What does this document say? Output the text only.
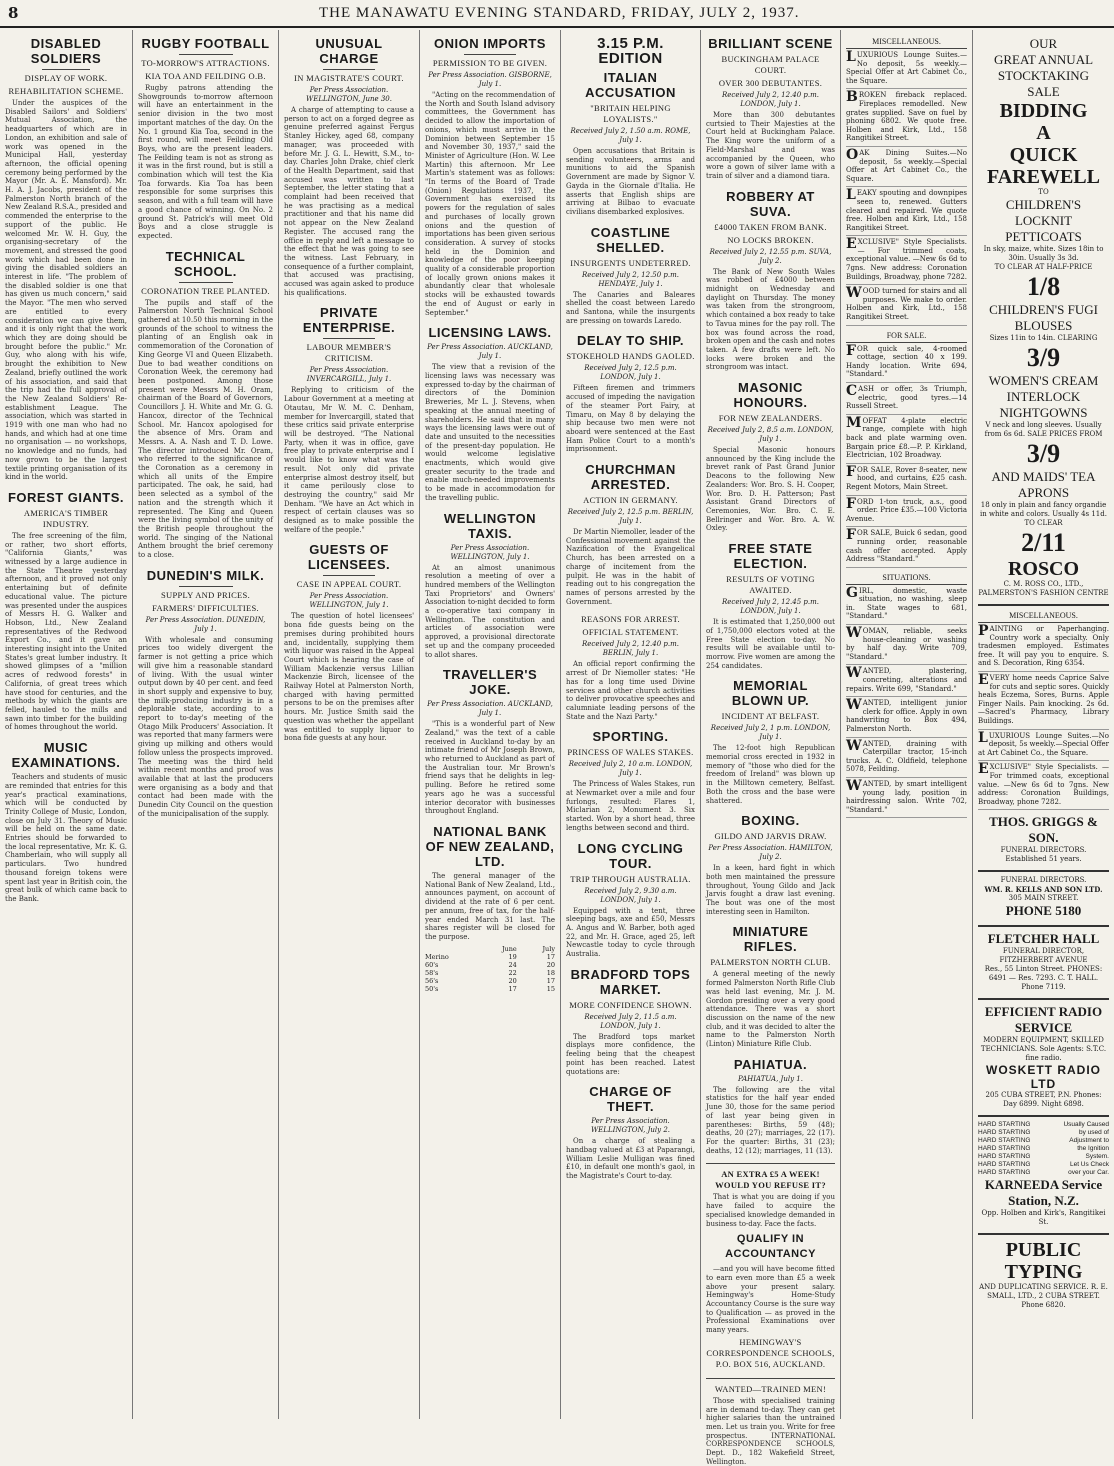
8	THE MANAWATU EVENING STANDARD, FRIDAY, JULY 2, 1937.
DISABLED SOLDIERS
DISPLAY OF WORK.
REHABILITATION SCHEME.
Under the auspices of the Disabled Sailors' and Soldiers' Mutual Association, the headquarters of which are in London, an exhibition and sale of work was opened in the Municipal Hall, yesterday afternoon, the official opening ceremony being performed by the Mayor (Mr. A. E. Mansford). Mr. H. A. J. Jacobs, president of the Palmerston North branch of the New Zealand R.S.A., presided and commended the enterprise to the support of the public. He welcomed Mr. W. H. Guy, the organising-secretary of the movement, and stressed the good work which had been done in giving the disabled soldiers an interest in life. "The problem of the disabled soldier is one that has given us much concern," said the Mayor. "The men who served are entitled to every consideration we can give them, and it is only right that the work which they are doing should be brought before the public." Mr. Guy, who along with his wife, brought the exhibition to New Zealand, briefly outlined the work of his association, and said that the trip had the full approval of the New Zealand Soldiers' Re-establishment League. The association, which was started in 1919 with one man who had no hands, and which had at one time no organisation — no workshops, no knowledge and no funds, had now grown to be the largest textile printing organisation of its kind in the world.
FOREST GIANTS.
AMERICA'S TIMBER INDUSTRY.
The free screening of the film, or rather, two short efforts, "California Giants," was witnessed by a large audience in the State Theatre yesterday afternoon, and it proved not only entertaining but of definite educational value. The picture was presented under the auspices of Messrs H. G. Walker and Hobson, Ltd., New Zealand representatives of the Redwood Export Co., and it gave an interesting insight into the United States's great lumber industry. It showed glimpses of a "million acres of redwood forests" in California, of great trees which have stood for centuries, and the methods by which the giants are felled, hauled to the mills and sawn into timber for the building of homes throughout the world.
MUSIC EXAMINATIONS.
Teachers and students of music are reminded that entries for this year's practical examinations, which will be conducted by Trinity College of Music, London, close on July 31. Theory of Music will be held on the same date. Entries should be forwarded to the local representative, Mr. K. G. Chamberlain, who will supply all particulars. Two hundred thousand foreign tokens were spent last year in British coin, the great bulk of which came back to the Bank.
RUGBY FOOTBALL
TO-MORROW'S ATTRACTIONS.
KIA TOA AND FEILDING O.B.
Rugby patrons attending the Showgrounds to-morrow afternoon will have an entertainment in the senior division in the two most important matches of the day. On the No. 1 ground Kia Toa, second in the first round, will meet Feilding Old Boys, who are the present leaders. The Feilding team is not as strong as it was in the first round, but is still a combination which will test the Kia Toa forwards. Kia Toa has been responsible for some surprises this season, and with a full team will have a good chance of winning. On No. 2 ground St. Patrick's will meet Old Boys and a close struggle is expected.
TECHNICAL SCHOOL.
CORONATION TREE PLANTED.
The pupils and staff of the Palmerston North Technical School gathered at 10.50 this morning in the grounds of the school to witness the planting of an English oak in commemoration of the Coronation of King George VI and Queen Elizabeth. Due to bad weather conditions on Coronation Week, the ceremony had been postponed. Among those present were Messrs M. H. Oram, chairman of the Board of Governors, Councillors J. H. White and Mr. G. G. Hancox, director of the Technical School. Mr. Hancox apologised for the absence of Mrs. Oram and Messrs. A. A. Nash and T. D. Lowe. The director introduced Mr. Oram, who referred to the significance of the Coronation as a ceremony in which all units of the Empire participated. The oak, he said, had been selected as a symbol of the nation and the strength which it represented. The King and Queen were the living symbol of the unity of the British people throughout the world. The singing of the National Anthem brought the brief ceremony to a close.
DUNEDIN'S MILK.
SUPPLY AND PRICES.
FARMERS' DIFFICULTIES.
Per Press Association. DUNEDIN, July 1.
With wholesale and consuming prices too widely divergent the farmer is not getting a price which will give him a reasonable standard of living. With the usual winter output down by 40 per cent. and feed in short supply and expensive to buy, the milk-producing industry is in a deplorable state, according to a report to to-day's meeting of the Otago Milk Producers' Association. It was reported that many farmers were giving up milking and others would follow unless the prospects improved. The meeting was the third held within recent months and proof was available that at last the producers were organising as a body and that contact had been made with the Dunedin City Council on the question of the municipalisation of the supply.
UNUSUAL CHARGE
IN MAGISTRATE'S COURT.
Per Press Association. WELLINGTON, June 30.
A charge of attempting to cause a person to act on a forged degree as genuine preferred against Fergus Stanley Hickey, aged 68, company manager, was proceeded with before Mr. J. G. L. Hewitt, S.M., to-day. Charles John Drake, chief clerk of the Health Department, said that accused was written to last September, the letter stating that a complaint had been received that he was practising as a medical practitioner and that his name did not appear on the New Zealand Register. The accused rang the office in reply and left a message to the effect that he was going to see the witness. Last February, in consequence of a further complaint, that accused was practising, accused was again asked to produce his qualifications.
PRIVATE ENTERPRISE.
LABOUR MEMBER'S CRITICISM.
Per Press Association. INVERCARGILL, July 1.
Replying to criticism of the Labour Government at a meeting at Otautau, Mr W. M. C. Denham, member for Invercargill, stated that these critics said private enterprise will be destroyed. "The National Party, when it was in office, gave free play to private enterprise and I would like to know what was the result. Not only did private enterprise almost destroy itself, but it came perilously close to destroying the country," said Mr Denham. "We have an Act which in respect of certain clauses was so designed as to make possible the welfare of the people."
GUESTS OF LICENSEES.
CASE IN APPEAL COURT.
Per Press Association. WELLINGTON, July 1.
The question of hotel licensees' bona fide guests being on the premises during prohibited hours and, incidentally, supplying them with liquor was raised in the Appeal Court which is hearing the case of William Mackenzie versus Lillian Mackenzie Birch, licensee of the Railway Hotel at Palmerston North, charged with having permitted persons to be on the premises after hours. Mr. Justice Smith said the question was whether the appellant was entitled to supply liquor to bona fide guests at any hour.
ONION IMPORTS
PERMISSION TO BE GIVEN.
Per Press Association. GISBORNE, July 1.
"Acting on the recommendation of the North and South Island advisory committees, the Government has decided to allow the importation of onions, which must arrive in the Dominion between September 15 and November 30, 1937," said the Minister of Agriculture (Hon. W. Lee Martin) this afternoon. Mr Lee Martin's statement was as follows: "In terms of the Board of Trade (Onion) Regulations 1937, the Government has exercised its powers for the regulation of sales and purchases of locally grown onions and the question of importations has been given serious consideration. A survey of stocks held in the Dominion and knowledge of the poor keeping quality of a considerable proportion of locally grown onions makes it abundantly clear that wholesale stocks will be exhausted towards the end of August or early in September."
LICENSING LAWS.
Per Press Association. AUCKLAND, July 1.
The view that a revision of the licensing laws was necessary was expressed to-day by the chairman of directors of the Dominion Breweries, Mr L. J. Stevens, when speaking at the annual meeting of shareholders. He said that in many ways the licensing laws were out of date and unsuited to the necessities of the present-day population. He would welcome legislative enactments, which would give greater security to the trade and enable much-needed improvements to be made in accommodation for the travelling public.
WELLINGTON TAXIS.
Per Press Association. WELLINGTON, July 1.
At an almost unanimous resolution a meeting of over a hundred members of the Wellington Taxi Proprietors' and Owners' Association to-night decided to form a co-operative taxi company in Wellington. The constitution and articles of association were approved, a provisional directorate set up and the company proceeded to allot shares.
TRAVELLER'S JOKE.
Per Press Association. AUCKLAND, July 1.
"This is a wonderful part of New Zealand," was the text of a cable received in Auckland to-day by an intimate friend of Mr Joseph Brown, who returned to Auckland as part of the Australian tour. Mr Brown's friend says that he delights in leg-pulling. Before he retired some years ago he was a successful interior decorator with businesses throughout England.
NATIONAL BANK OF NEW ZEALAND, LTD.
The general manager of the National Bank of New Zealand, Ltd., announces payment, on account of dividend at the rate of 6 per cent. per annum, free of tax, for the half-year ended March 31 last. The shares register will be closed for the purpose.
June	July
Merino	19	17
60's	24	20
58's	22	18
56's	20	17
50's	17	15
3.15 P.M. EDITION
ITALIAN ACCUSATION
"BRITAIN HELPING LOYALISTS."
Received July 2, 1.50 a.m. ROME, July 1.
Open accusations that Britain is sending volunteers, arms and munitions to aid the Spanish Government are made by Signor V. Gayda in the Giornale d'Italia. He asserts that English ships are arriving at Bilbao to evacuate civilians disembarked explosives.
COASTLINE SHELLED.
INSURGENTS UNDETERRED.
Received July 2, 12.50 p.m. HENDAYE, July 1.
The Canaries and Baleares shelled the coast between Laredo and Santona, while the insurgents are pressing on towards Laredo.
DELAY TO SHIP.
STOKEHOLD HANDS GAOLED.
Received July 2, 12.5 p.m. LONDON, July 1.
Fifteen firemen and trimmers accused of impeding the navigation of the steamer Port Fairy, at Timaru, on May 8 by delaying the ship because two men were not aboard were sentenced at the East Ham Police Court to a month's imprisonment.
CHURCHMAN ARRESTED.
ACTION IN GERMANY.
Received July 2, 12.5 p.m. BERLIN, July 1.
Dr Martin Niemoller, leader of the Confessional movement against the Nazification of the Evangelical Church, has been arrested on a charge of incitement from the pulpit. He was in the habit of reading out to his congregation the names of persons arrested by the Government.
REASONS FOR ARREST.
OFFICIAL STATEMENT.
Received July 2, 12.40 p.m. BERLIN, July 1.
An official report confirming the arrest of Dr Niemoller states: "He has for a long time used Divine services and other church activities to deliver provocative speeches and calumniate leading persons of the State and the Nazi Party."
SPORTING.
PRINCESS OF WALES STAKES.
Received July 2, 10 a.m. LONDON, July 1.
The Princess of Wales Stakes, run at Newmarket over a mile and four furlongs, resulted: Flares 1, Miclarian 2, Monument 3. Six started. Won by a short head, three lengths between second and third.
LONG CYCLING TOUR.
TRIP THROUGH AUSTRALIA.
Received July 2, 9.30 a.m. LONDON, July 1.
Equipped with a tent, three sleeping bags, axe and £50, Messrs A. Angus and W. Barber, both aged 22, and Mr. H. Grace, aged 25, left Newcastle today to cycle through Australia.
BRADFORD TOPS MARKET.
MORE CONFIDENCE SHOWN.
Received July 2, 11.5 a.m. LONDON, July 1.
The Bradford tops market displays more confidence, the feeling being that the cheapest point has been reached. Latest quotations are:
CHARGE OF THEFT.
Per Press Association. WELLINGTON, July 2.
On a charge of stealing a handbag valued at £3 at Paparangi, William Leslie Mulligan was fined £10, in default one month's gaol, in the Magistrate's Court to-day.
BRILLIANT SCENE
BUCKINGHAM PALACE COURT.
OVER 300 DEBUTANTES.
Received July 2, 12.40 p.m. LONDON, July 1.
More than 300 debutantes curtsied to Their Majesties at the Court held at Buckingham Palace. The King wore the uniform of a Field-Marshal and was accompanied by the Queen, who wore a gown of silver lame with a train of silver and a diamond tiara.
ROBBERY AT SUVA.
£4000 TAKEN FROM BANK.
NO LOCKS BROKEN.
Received July 2, 12.55 p.m. SUVA, July 2.
The Bank of New South Wales was robbed of £4000 between midnight on Wednesday and daylight on Thursday. The money was taken from the strongroom, which contained a box ready to take to Tavua mines for the pay roll. The box was found across the road, broken open and the cash and notes taken. A few drafts were left. No locks were broken and the strongroom was intact.
MASONIC HONOURS.
FOR NEW ZEALANDERS.
Received July 2, 8.5 a.m. LONDON, July 1.
Special Masonic honours announced by the King include the brevet rank of Past Grand Junior Deacons to the following New Zealanders: Wor. Bro. S. H. Cooper, Wor. Bro. D. H. Patterson; Past Assistant Grand Directors of Ceremonies, Wor. Bro. C. E. Bellringer and Wor. Bro. A. W. Oxley.
FREE STATE ELECTION.
RESULTS OF VOTING AWAITED.
Received July 2, 12.45 p.m. LONDON, July 1.
It is estimated that 1,250,000 out of 1,750,000 electors voted at the Free State election to-day. No results will be available until to-morrow. Five women are among the 254 candidates.
MEMORIAL BLOWN UP.
INCIDENT AT BELFAST.
Received July 2, 1 p.m. LONDON, July 1.
The 12-foot high Republican memorial cross erected in 1932 in memory of "those who died for the freedom of Ireland" was blown up in the Milltown cemetery, Belfast. Both the cross and the base were shattered.
BOXING.
GILDO AND JARVIS DRAW.
Per Press Association. HAMILTON, July 2.
In a keen, hard fight in which both men maintained the pressure throughout, Young Gildo and Jack Jarvis fought a draw last evening. The bout was one of the most interesting seen in Hamilton.
MINIATURE RIFLES.
PALMERSTON NORTH CLUB.
A general meeting of the newly formed Palmerston North Rifle Club was held last evening, Mr. J. M. Gordon presiding over a very good attendance. There was a short discussion on the name of the new club, and it was decided to alter the name to the Palmerston North (Linton) Miniature Rifle Club.
PAHIATUA.
PAHIATUA, July 1.
The following are the vital statistics for the half year ended June 30, those for the same period of last year being given in parentheses: Births, 59 (48); deaths, 20 (27); marriages, 22 (17). For the quarter: Births, 31 (23); deaths, 12 (12); marriages, 11 (13).
AN EXTRA £5 A WEEK! WOULD YOU REFUSE IT?
That is what you are doing if you have failed to acquire the specialised knowledge demanded in business to-day. Face the facts.
QUALIFY IN ACCOUNTANCY
—and you will have become fitted to earn even more than £5 a week above your present salary. Hemingway's Home-Study Accountancy Course is the sure way to Qualification — as proved in the Professional Examinations over many years.
HEMINGWAY'S CORRESPONDENCE SCHOOLS, P.O. BOX 516, AUCKLAND.
WANTED—TRAINED MEN!
Those with specialised training are in demand to-day. They can get higher salaries than the untrained men. Let us train you. Write for free prospectus. INTERNATIONAL CORRESPONDENCE SCHOOLS, Dept. D., 182 Wakefield Street, Wellington.
MISCELLANEOUS.
LUXURIOUS Lounge Suites.—No deposit, 5s weekly.—Special Offer at Art Cabinet Co., the Square.
BROKEN fireback replaced. Fireplaces remodelled. New grates supplied. Save on fuel by phoning 6802. We quote free. Holben and Kirk, Ltd., 158 Rangitikei Street.
OAK Dining Suites.—No deposit, 5s weekly.—Special Offer at Art Cabinet Co., the Square.
LEAKY spouting and downpipes seen to, renewed. Gutters cleared and repaired. We quote free. Holben and Kirk, Ltd., 158 Rangitikei Street.
EXCLUSIVE" Style Specialists. — For trimmed coats, exceptional value. —New 6s 6d to 7gns. New address: Coronation Buildings, Broadway, phone 7282.
WOOD turned for stairs and all purposes. We make to order. Holben and Kirk, Ltd., 158 Rangitikei Street.
FOR SALE.
FOR quick sale, 4-roomed cottage, section 40 x 199. Handy location. Write 694, "Standard."
CASH or offer, 3s Triumph, electric, good tyres.—14 Russell Street.
MOFFAT 4-plate electric range, complete with high back and plate warming oven. Bargain price £8.—P. P. Kirkland, Electrician, 102 Broadway.
FOR SALE, Rover 8-seater, new hood, and curtains, £25 cash. Regent Motors, Main Street.
FORD 1-ton truck, a.s., good order. Price £35.—100 Victoria Avenue.
FOR SALE, Buick 6 sedan, good running order, reasonable cash offer accepted. Apply Address "Standard."
SITUATIONS.
GIRL, domestic, waste situation, no washing, sleep in. State wages to 681, "Standard."
WOMAN, reliable, seeks house-cleaning or washing by half day. Write 709, "Standard."
WANTED, plastering, concreting, alterations and repairs. Write 699, "Standard."
WANTED, intelligent junior clerk for office. Apply in own handwriting to Box 494, Palmerston North.
WANTED, draining with Caterpillar tractor, 15-inch trucks. A. C. Oldfield, telephone 5078, Feilding.
WANTED, by smart intelligent young lady, position in hairdressing salon. Write 702, "Standard."
OUR
GREAT ANNUAL
STOCKTAKING
SALE
BIDDING
A
QUICK
FAREWELL
TO
CHILDREN'S LOCKNIT PETTICOATS
In sky, maize, white. Sizes 18in to 30in. Usually 3s 3d.
TO CLEAR AT HALF-PRICE
1/8
CHILDREN'S FUGI BLOUSES
Sizes 11in to 14in. CLEARING
3/9
WOMEN'S CREAM INTERLOCK NIGHTGOWNS
V neck and long sleeves. Usually from 6s 6d. SALE PRICES FROM
3/9
AND MAIDS' TEA APRONS
18 only in plain and fancy organdie in white and colors. Usually 4s 11d. TO CLEAR
2/11
ROSCO
C. M. ROSS CO., LTD.,
PALMERSTON'S FASHION CENTRE
MISCELLANEOUS.
PAINTING or Paperhanging. Country work a specialty. Only tradesmen employed. Estimates free. It will pay you to enquire. S. and S. Decoration, Ring 6354.
EVERY home needs Caprice Salve for cuts and septic sores. Quickly heals Eczema, Sores, Burns. Apple Finger Nails. Pain knocking. 2s 6d.—Sacred's Pharmacy, Library Buildings.
LUXURIOUS Lounge Suites.—No deposit, 5s weekly.—Special Offer at Art Cabinet Co., the Square.
EXCLUSIVE" Style Specialists. — For trimmed coats, exceptional value. —New 6s 6d to 7gns. New address: Coronation Buildings, Broadway, phone 7282.
THOS. GRIGGS & SON.
FUNERAL DIRECTORS.
Established 51 years.
FUNERAL DIRECTORS.
WM. R. KELLS AND SON LTD.
305 MAIN STREET.
PHONE 5180
FLETCHER HALL
FUNERAL DIRECTOR, FITZHERBERT AVENUE
Res., 55 Linton Street. PHONES: 6491 — Res. 7293. C. T. HALL. Phone 7119.
EFFICIENT RADIO SERVICE
MODERN EQUIPMENT, SKILLED TECHNICIANS. Sole Agents: S.T.C. fine radio.
WOSKETT RADIO LTD
205 CUBA STREET, P.N. Phones: Day 6899. Night 6898.
HARD STARTING	Usually Caused
HARD STARTING	by used of
HARD STARTING	Adjustment to
HARD STARTING	the Ignition
HARD STARTING	System.
HARD STARTING	Let Us Check
HARD STARTING	over your Car.
KARNEEDA Service Station, N.Z.
Opp. Holben and Kirk's, Rangitikei St.
PUBLIC TYPING
AND DUPLICATING SERVICE. R. E. SMALL, LTD., 2 CUBA STREET. Phone 6820.
